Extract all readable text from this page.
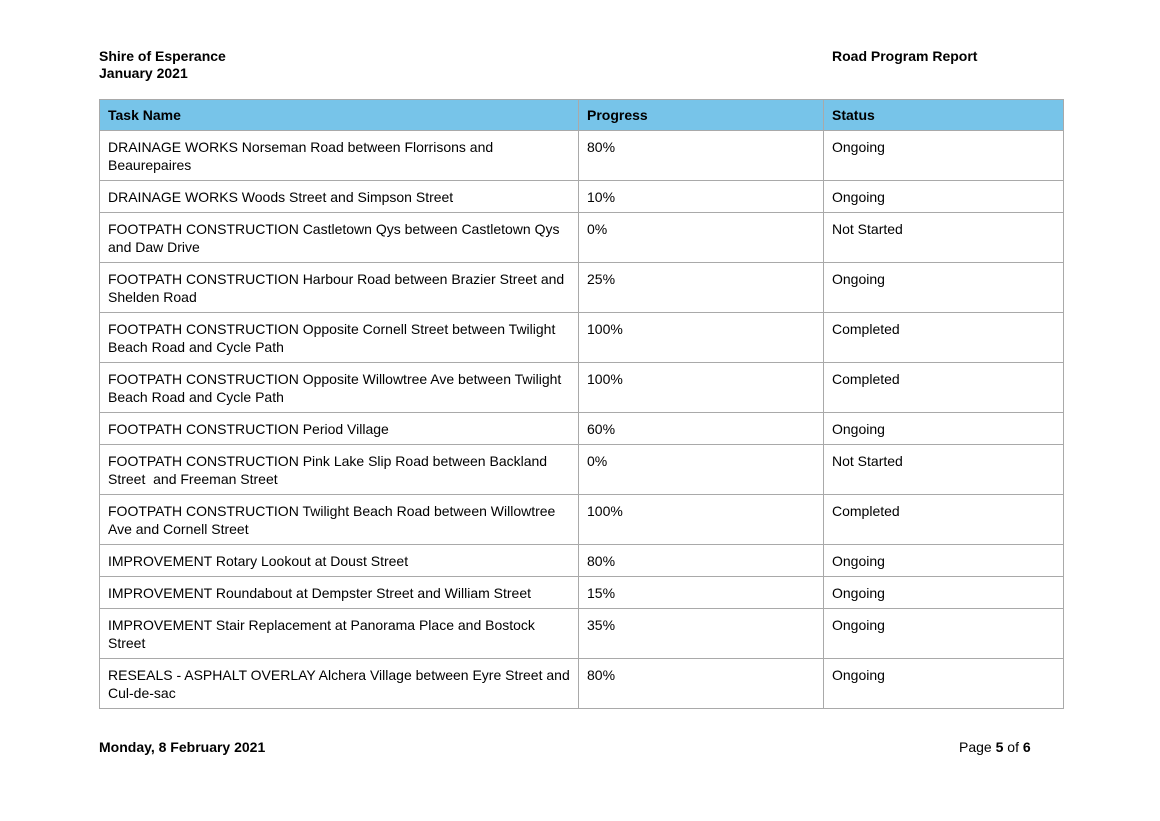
Shire of Esperance
January 2021
Road Program Report
Task Name	Progress	Status
DRAINAGE WORKS Norseman Road between Florrisons and Beaurepaires	80%	Ongoing
DRAINAGE WORKS Woods Street and Simpson Street	10%	Ongoing
FOOTPATH CONSTRUCTION Castletown Qys between Castletown Qys and Daw Drive	0%	Not Started
FOOTPATH CONSTRUCTION Harbour Road between Brazier Street and Shelden Road	25%	Ongoing
FOOTPATH CONSTRUCTION Opposite Cornell Street between Twilight Beach Road and Cycle Path	100%	Completed
FOOTPATH CONSTRUCTION Opposite Willowtree Ave between Twilight Beach Road and Cycle Path	100%	Completed
FOOTPATH CONSTRUCTION Period Village	60%	Ongoing
FOOTPATH CONSTRUCTION Pink Lake Slip Road between Backland Street  and Freeman Street	0%	Not Started
FOOTPATH CONSTRUCTION Twilight Beach Road between Willowtree Ave and Cornell Street	100%	Completed
IMPROVEMENT Rotary Lookout at Doust Street	80%	Ongoing
IMPROVEMENT Roundabout at Dempster Street and William Street	15%	Ongoing
IMPROVEMENT Stair Replacement at Panorama Place and Bostock Street	35%	Ongoing
RESEALS - ASPHALT OVERLAY Alchera Village between Eyre Street and Cul-de-sac	80%	Ongoing
Monday, 8 February 2021	Page 5 of 6
